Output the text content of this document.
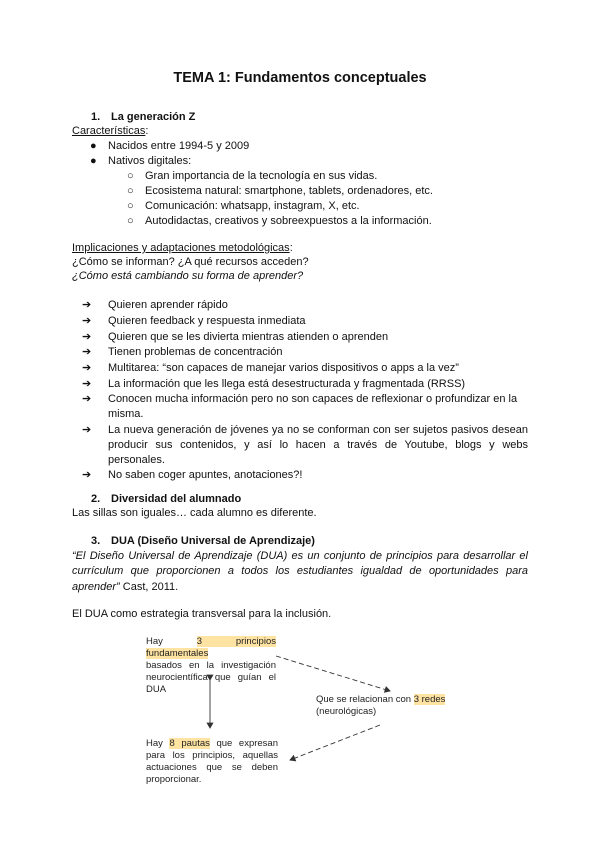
TEMA 1: Fundamentos conceptuales
1. La generación Z
Características:
● Nacidos entre 1994-5 y 2009
● Nativos digitales:
○ Gran importancia de la tecnología en sus vidas.
○ Ecosistema natural: smartphone, tablets, ordenadores, etc.
○ Comunicación: whatsapp, instagram, X, etc.
○ Autodidactas, creativos y sobreexpuestos a la información.
Implicaciones y adaptaciones metodológicas:
¿Cómo se informan? ¿A qué recursos acceden?
¿Cómo está cambiando su forma de aprender?
➔ Quieren aprender rápido
➔ Quieren feedback y respuesta inmediata
➔ Quieren que se les divierta mientras atienden o aprenden
➔ Tienen problemas de concentración
➔ Multitarea: “son capaces de manejar varios dispositivos o apps a la vez”
➔ La información que les llega está desestructurada y fragmentada (RRSS)
➔ Conocen mucha información pero no son capaces de reflexionar o profundizar en la misma.
➔ La nueva generación de jóvenes ya no se conforman con ser sujetos pasivos desean producir sus contenidos, y así lo hacen a través de Youtube, blogs y webs personales.
➔ No saben coger apuntes, anotaciones?!
2. Diversidad del alumnado
Las sillas son iguales… cada alumno es diferente.
3. DUA (Diseño Universal de Aprendizaje)
“El Diseño Universal de Aprendizaje (DUA) es un conjunto de principios para desarrollar el currículum que proporcionen a todos los estudiantes igualdad de oportunidades para aprender” Cast, 2011.
El DUA como estrategia transversal para la inclusión.
Hay 3 principios fundamentales
basados en la investigación
neurocientífica que guían el DUA
Que se relacionan con 3 redes
(neurológicas)
Hay 8 pautas que expresan
para los principios, aquellas
actuaciones que se deben
proporcionar.
